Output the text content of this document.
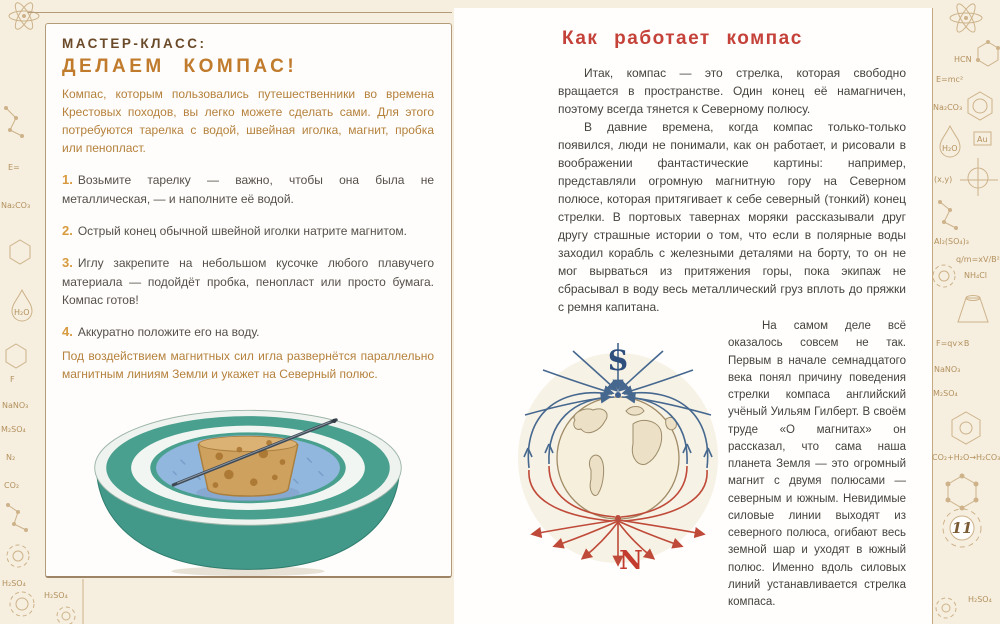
E=
Na₂CO₃
H₂O
F
NaNO₃
M₂SO₄
N₂
CO₂
H₂SO₄
H₂SO₄
МАСТЕР-КЛАСС:
ДЕЛАЕМ КОМПАС!

Компас, которым пользовались путешественники во времена Крестовых походов, вы легко можете сделать сами. Для этого потребуются тарелка с водой, швейная иголка, магнит, пробка или пенопласт.

1. Возьмите тарелку — важно, чтобы она была не металлическая, — и наполните её водой.

2. Острый конец обычной швейной иголки натрите магнитом.

3. Иглу закрепите на небольшом кусочке любого плавучего материала — подойдёт пробка, пенопласт или просто бумага. Компас готов!

4. Аккуратно положите его на воду.

Под воздействием магнитных сил игла развернётся параллельно магнитным линиям Земли и укажет на Северный полюс.

Как работает компас

Итак, компас — это стрелка, которая свободно вращается в пространстве. Один конец её намагничен, поэтому всегда тянется к Северному полюсу.

В давние времена, когда компас только-только появился, люди не понимали, как он работает, и рисовали в воображении фантастические картины: например, представляли огромную магнитную гору на Северном полюсе, которая притягивает к себе северный (тонкий) конец стрелки. В портовых тавернах моряки рассказывали друг другу страшные истории о том, что если в полярные воды заходил корабль с железными деталями на борту, то он не мог вырваться из притяжения горы, пока экипаж не сбрасывал в воду весь металлический груз вплоть до пряжки с ремня капитана.

S
N

На самом деле всё оказалось совсем не так. Первым в начале семнадцатого века понял причину поведения стрелки компаса английский учёный Уильям Гилберт. В своём труде «О магнитах» он рассказал, что сама наша планета Земля — это огромный магнит с двумя полюсами — северным и южным. Невидимые силовые линии выходят из северного полюса, огибают весь земной шар и уходят в южный полюс. Именно вдоль силовых линий устанавливается стрелка компаса.

HCN
E=mc²
Na₂CO₃
H₂O
Au
(x,y)
Al₂(SO₄)₃
q/m=xV/B²
NH₄Cl
F=qv×B
NaNO₃
M₂SO₄
CO₂+H₂O→H₂CO₃
11
H₂SO₄
